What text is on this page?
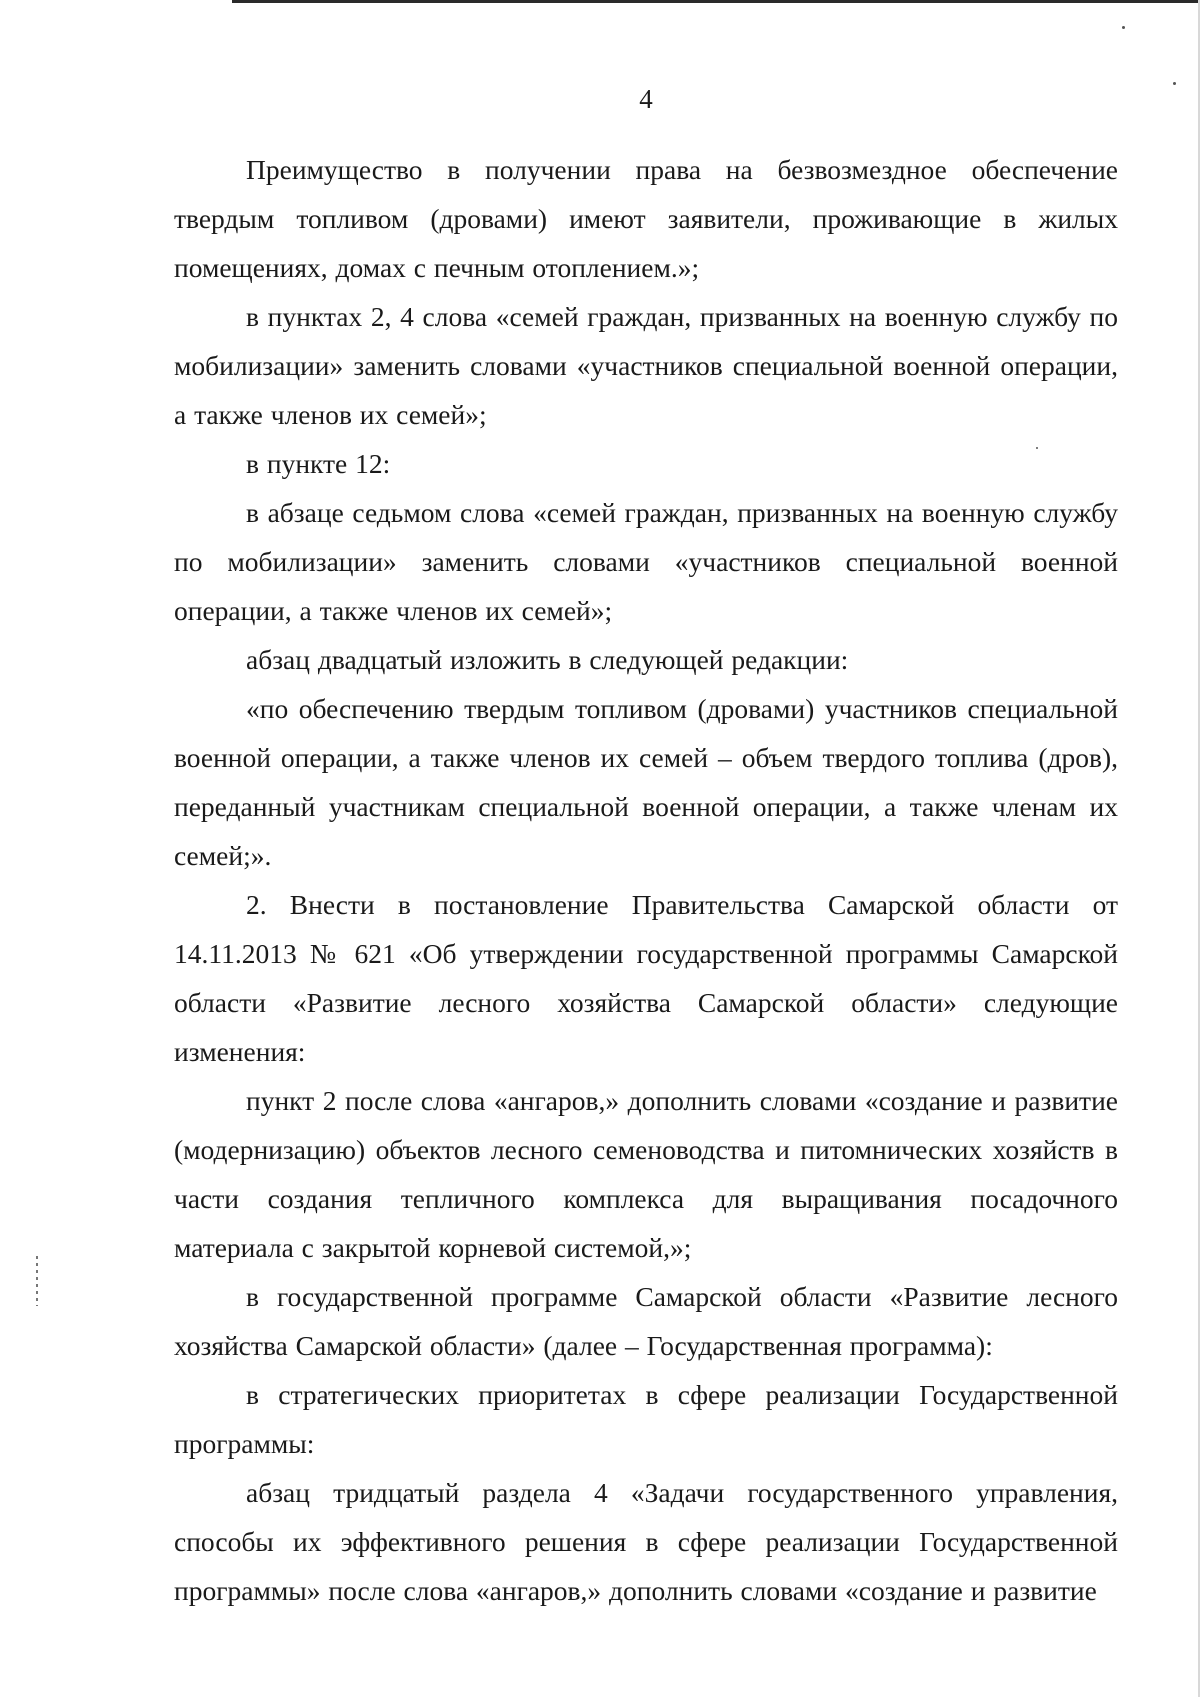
4

Преимущество в получении права на безвозмездное обеспечение твердым топливом (дровами) имеют заявители, проживающие в жилых помещениях, домах с печным отоплением.»;

в пунктах 2, 4 слова «семей граждан, призванных на военную службу по мобилизации» заменить словами «участников специальной военной операции, а также членов их семей»;

в пункте 12:

в абзаце седьмом слова «семей граждан, призванных на военную службу по мобилизации» заменить словами «участников специальной военной операции, а также членов их семей»;

абзац двадцатый изложить в следующей редакции:

«по обеспечению твердым топливом (дровами) участников специальной военной операции, а также членов их семей – объем твердого топлива (дров), переданный участникам специальной военной операции, а также членам их семей;».

2. Внести в постановление Правительства Самарской области от 14.11.2013 № 621 «Об утверждении государственной программы Самарской области «Развитие лесного хозяйства Самарской области» следующие изменения:

пункт 2 после слова «ангаров,» дополнить словами «создание и развитие (модернизацию) объектов лесного семеноводства и питомнических хозяйств в части создания тепличного комплекса для выращивания посадочного материала с закрытой корневой системой,»;

в государственной программе Самарской области «Развитие лесного хозяйства Самарской области» (далее – Государственная программа):

в стратегических приоритетах в сфере реализации Государственной программы:

абзац тридцатый раздела 4 «Задачи государственного управления, способы их эффективного решения в сфере реализации Государственной программы» после слова «ангаров,» дополнить словами «создание и развитие
